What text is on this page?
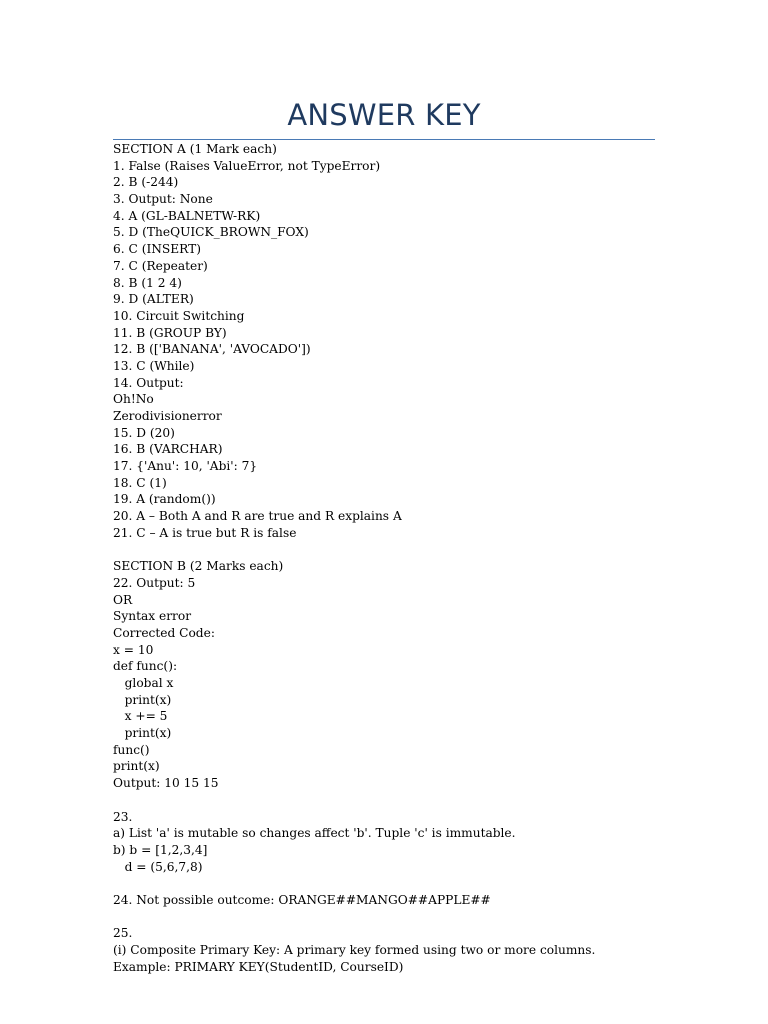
ANSWER KEY
SECTION A (1 Mark each)
1. False (Raises ValueError, not TypeError)
2. B (-244)
3. Output: None
4. A (GL-BALNETW-RK)
5. D (TheQUICK_BROWN_FOX)
6. C (INSERT)
7. C (Repeater)
8. B (1 2 4)
9. D (ALTER)
10. Circuit Switching
11. B (GROUP BY)
12. B (['BANANA', 'AVOCADO'])
13. C (While)
14. Output:
Oh!No
Zerodivisionerror
15. D (20)
16. B (VARCHAR)
17. {'Anu': 10, 'Abi': 7}
18. C (1)
19. A (random())
20. A – Both A and R are true and R explains A
21. C – A is true but R is false
SECTION B (2 Marks each)
22. Output: 5
OR
Syntax error
Corrected Code:
x = 10
def func():
global x
print(x)
x += 5
print(x)
func()
print(x)
Output: 10 15 15
23.
a) List 'a' is mutable so changes affect 'b'. Tuple 'c' is immutable.
b) b = [1,2,3,4]
d = (5,6,7,8)
24. Not possible outcome: ORANGE##MANGO##APPLE##
25.
(i) Composite Primary Key: A primary key formed using two or more columns.
Example: PRIMARY KEY(StudentID, CourseID)
